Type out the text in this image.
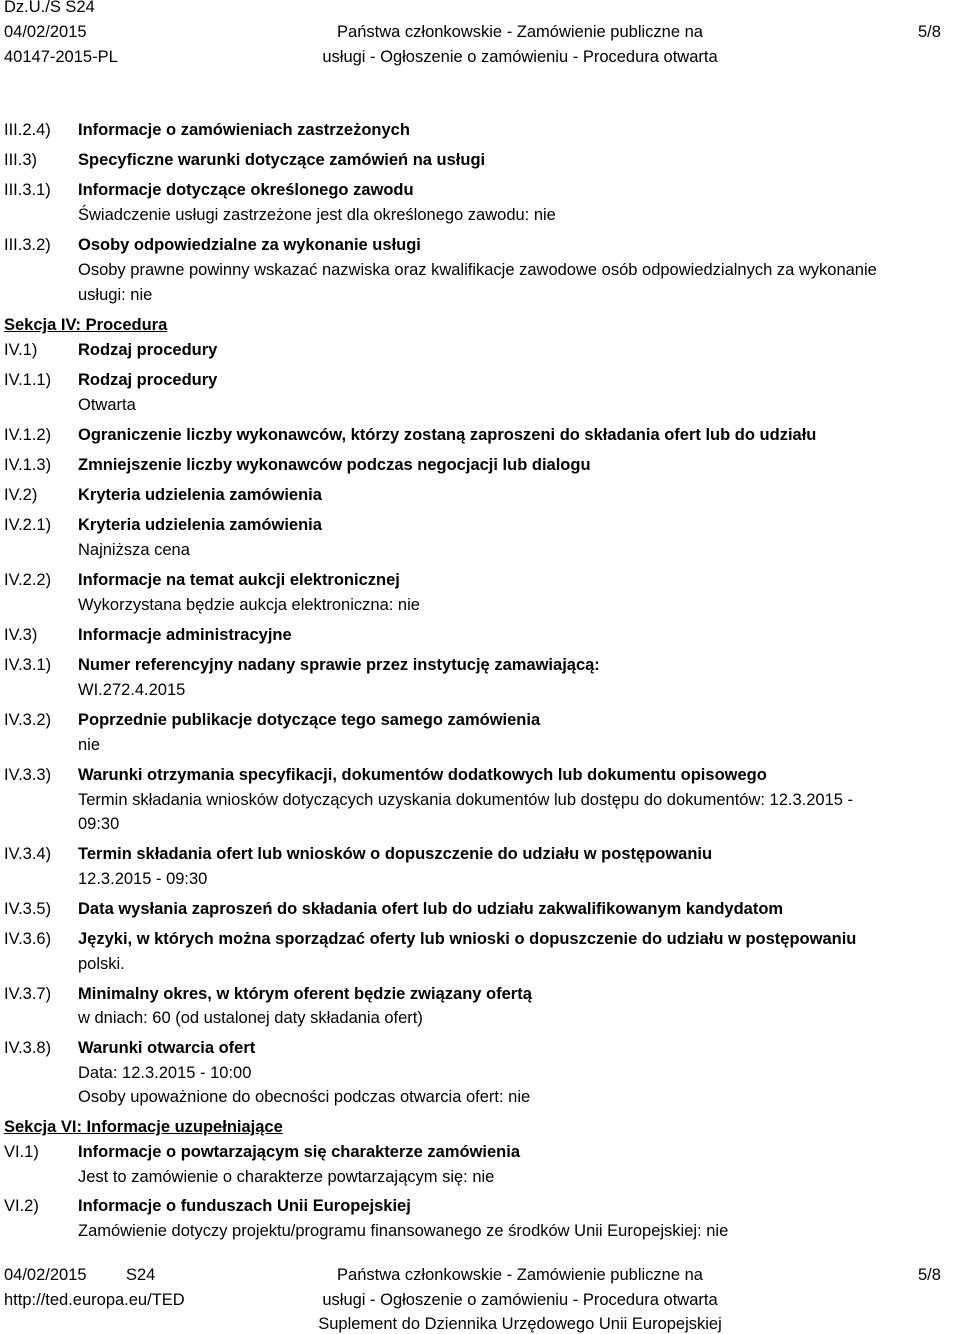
Dz.U./S S24
04/02/2015
40147-2015-PL
Państwa członkowskie - Zamówienie publiczne na
usługi - Ogłoszenie o zamówieniu - Procedura otwarta
5/8
III.2.4) Informacje o zamówieniach zastrzeżonych
III.3) Specyficzne warunki dotyczące zamówień na usługi
III.3.1) Informacje dotyczące określonego zawodu
Świadczenie usługi zastrzeżone jest dla określonego zawodu: nie
III.3.2) Osoby odpowiedzialne za wykonanie usługi
Osoby prawne powinny wskazać nazwiska oraz kwalifikacje zawodowe osób odpowiedzialnych za wykonanie
usługi: nie
Sekcja IV: Procedura
IV.1) Rodzaj procedury
IV.1.1) Rodzaj procedury
Otwarta
IV.1.2) Ograniczenie liczby wykonawców, którzy zostaną zaproszeni do składania ofert lub do udziału
IV.1.3) Zmniejszenie liczby wykonawców podczas negocjacji lub dialogu
IV.2) Kryteria udzielenia zamówienia
IV.2.1) Kryteria udzielenia zamówienia
Najniższa cena
IV.2.2) Informacje na temat aukcji elektronicznej
Wykorzystana będzie aukcja elektroniczna: nie
IV.3) Informacje administracyjne
IV.3.1) Numer referencyjny nadany sprawie przez instytucję zamawiającą:
WI.272.4.2015
IV.3.2) Poprzednie publikacje dotyczące tego samego zamówienia
nie
IV.3.3) Warunki otrzymania specyfikacji, dokumentów dodatkowych lub dokumentu opisowego
Termin składania wniosków dotyczących uzyskania dokumentów lub dostępu do dokumentów: 12.3.2015 -
09:30
IV.3.4) Termin składania ofert lub wniosków o dopuszczenie do udziału w postępowaniu
12.3.2015 - 09:30
IV.3.5) Data wysłania zaproszeń do składania ofert lub do udziału zakwalifikowanym kandydatom
IV.3.6) Języki, w których można sporządzać oferty lub wnioski o dopuszczenie do udziału w postępowaniu
polski.
IV.3.7) Minimalny okres, w którym oferent będzie związany ofertą
w dniach: 60 (od ustalonej daty składania ofert)
IV.3.8) Warunki otwarcia ofert
Data: 12.3.2015 - 10:00
Osoby upoważnione do obecności podczas otwarcia ofert: nie
Sekcja VI: Informacje uzupełniające
VI.1) Informacje o powtarzającym się charakterze zamówienia
Jest to zamówienie o charakterze powtarzającym się: nie
VI.2) Informacje o funduszach Unii Europejskiej
Zamówienie dotyczy projektu/programu finansowanego ze środków Unii Europejskiej: nie
04/02/2015 S24
http://ted.europa.eu/TED
Państwa członkowskie - Zamówienie publiczne na
usługi - Ogłoszenie o zamówieniu - Procedura otwarta
Suplement do Dziennika Urzędowego Unii Europejskiej
5/8
